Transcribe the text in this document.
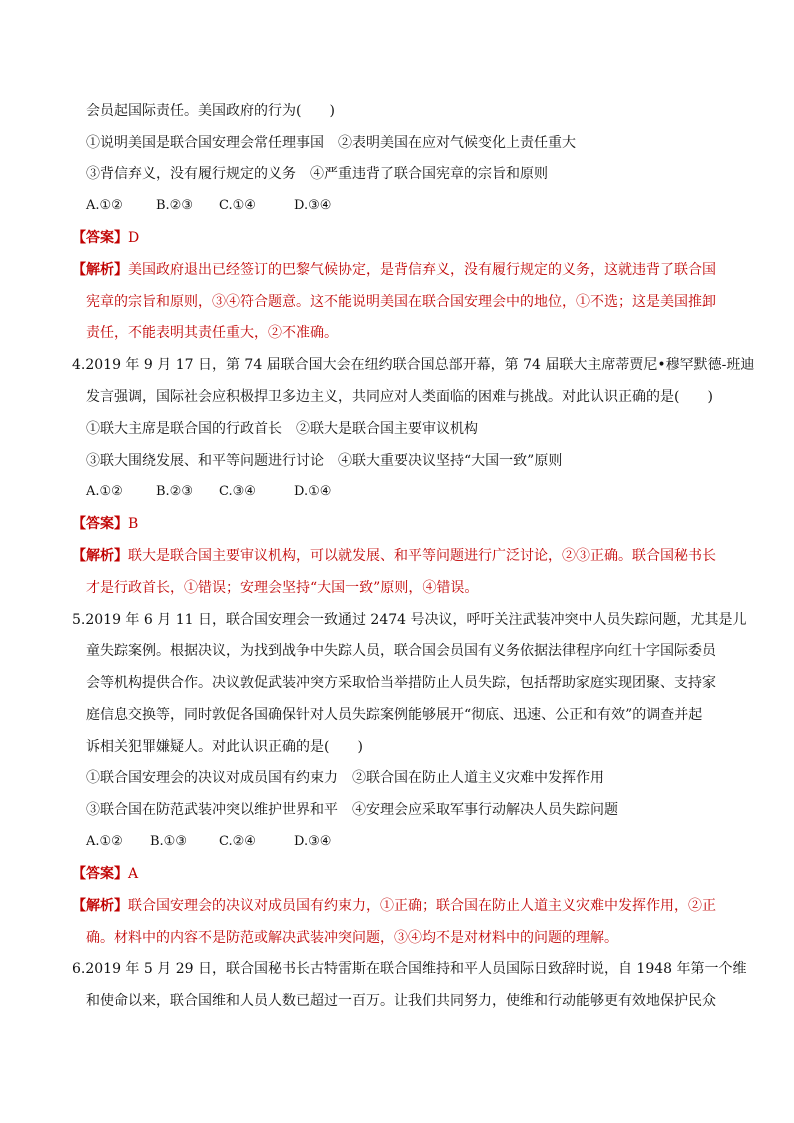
会员起国际责任。美国政府的行为(　　)
①说明美国是联合国安理会常任理事国　②表明美国在应对气候变化上责任重大
③背信弃义，没有履行规定的义务　④严重违背了联合国宪章的宗旨和原则
A.①②	B.②③ C.①④	D.③④
【答案】D
【解析】美国政府退出已经签订的巴黎气候协定，是背信弃义，没有履行规定的义务，这就违背了联合国
宪章的宗旨和原则，③④符合题意。这不能说明美国在联合国安理会中的地位，①不选；这是美国推卸
责任，不能表明其责任重大，②不准确。
4.2019 年 9 月 17 日，第 74 届联合国大会在纽约联合国总部开幕，第 74 届联大主席蒂贾尼•穆罕默德-班迪
发言强调，国际社会应积极捍卫多边主义，共同应对人类面临的困难与挑战。对此认识正确的是(　　)
①联大主席是联合国的行政首长　②联大是联合国主要审议机构
③联大围绕发展、和平等问题进行讨论　④联大重要决议坚持“大国一致”原则
A.①②	B.②③ C.③④	D.①④
【答案】B
【解析】联大是联合国主要审议机构，可以就发展、和平等问题进行广泛讨论，②③正确。联合国秘书长
才是行政首长，①错误；安理会坚持“大国一致”原则，④错误。
5.2019 年 6 月 11 日，联合国安理会一致通过 2474 号决议，呼吁关注武装冲突中人员失踪问题，尤其是儿
童失踪案例。根据决议，为找到战争中失踪人员，联合国会员国有义务依据法律程序向红十字国际委员
会等机构提供合作。决议敦促武装冲突方采取恰当举措防止人员失踪，包括帮助家庭实现团聚、支持家
庭信息交换等，同时敦促各国确保针对人员失踪案例能够展开“彻底、迅速、公正和有效”的调查并起
诉相关犯罪嫌疑人。对此认识正确的是(　　)
①联合国安理会的决议对成员国有约束力　②联合国在防止人道主义灾难中发挥作用
③联合国在防范武装冲突以维护世界和平　④安理会应采取军事行动解决人员失踪问题
A.①② B.①③ C.②④	D.③④
【答案】A
【解析】联合国安理会的决议对成员国有约束力，①正确；联合国在防止人道主义灾难中发挥作用，②正
确。材料中的内容不是防范或解决武装冲突问题，③④均不是对材料中的问题的理解。
6.2019 年 5 月 29 日，联合国秘书长古特雷斯在联合国维持和平人员国际日致辞时说，自 1948 年第一个维
和使命以来，联合国维和人员人数已超过一百万。让我们共同努力，使维和行动能够更有效地保护民众
